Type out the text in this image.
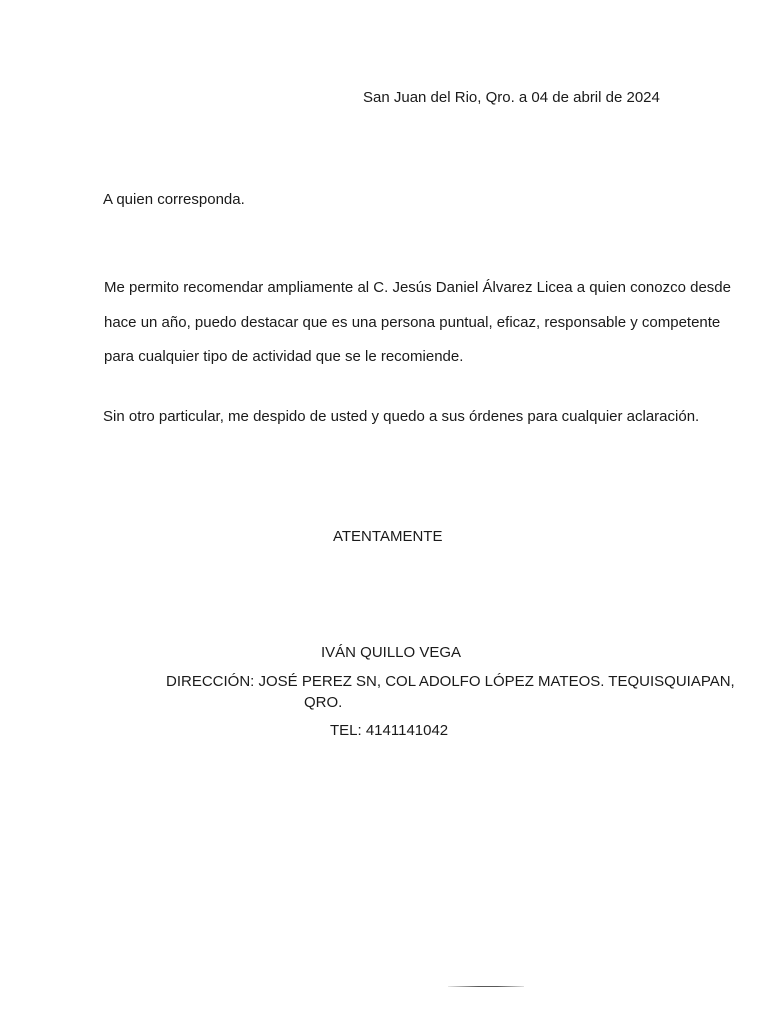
San Juan del Rio, Qro. a 04 de abril de 2024
A quien corresponda.
Me permito recomendar ampliamente al C. Jesús Daniel Álvarez Licea a quien conozco desde
hace un año, puedo destacar que es una persona puntual, eficaz, responsable y competente
para cualquier tipo de actividad que se le recomiende.
Sin otro particular, me despido de usted y quedo a sus órdenes para cualquier aclaración.
ATENTAMENTE
IVÁN QUILLO VEGA
DIRECCIÓN: JOSÉ PEREZ SN, COL ADOLFO LÓPEZ MATEOS. TEQUISQUIAPAN,
QRO.
TEL: 4141141042
